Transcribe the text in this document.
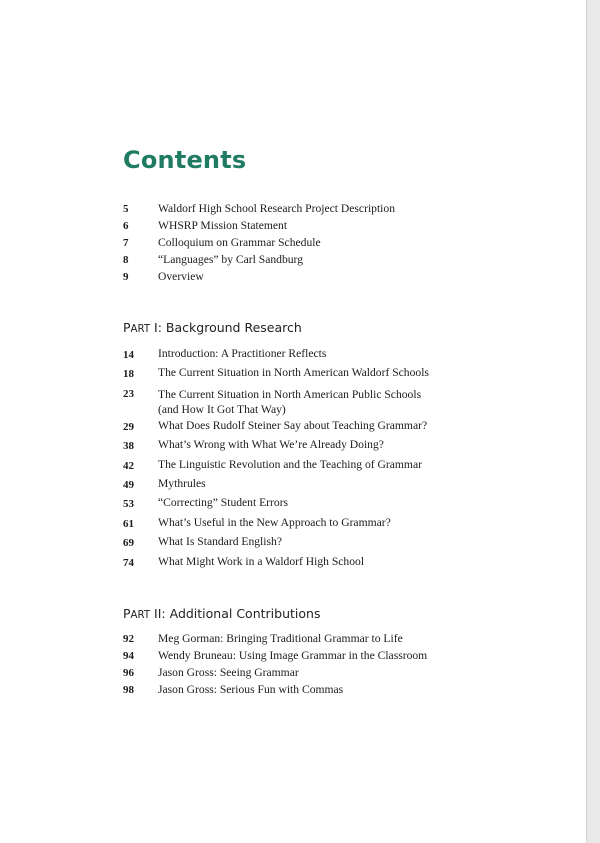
Contents
5	Waldorf High School Research Project Description
6	WHSRP Mission Statement
7	Colloquium on Grammar Schedule
8	“Languages” by Carl Sandburg
9	Overview
PART I: Background Research
14	Introduction: A Practitioner Reflects
18	The Current Situation in North American Waldorf Schools
23	The Current Situation in North American Public Schools
(and How It Got That Way)
29	What Does Rudolf Steiner Say about Teaching Grammar?
38	What’s Wrong with What We’re Already Doing?
42	The Linguistic Revolution and the Teaching of Grammar
49	Mythrules
53	“Correcting” Student Errors
61	What’s Useful in the New Approach to Grammar?
69	What Is Standard English?
74	What Might Work in a Waldorf High School
PART II: Additional Contributions
92	Meg Gorman: Bringing Traditional Grammar to Life
94	Wendy Bruneau: Using Image Grammar in the Classroom
96	Jason Gross: Seeing Grammar
98	Jason Gross: Serious Fun with Commas
